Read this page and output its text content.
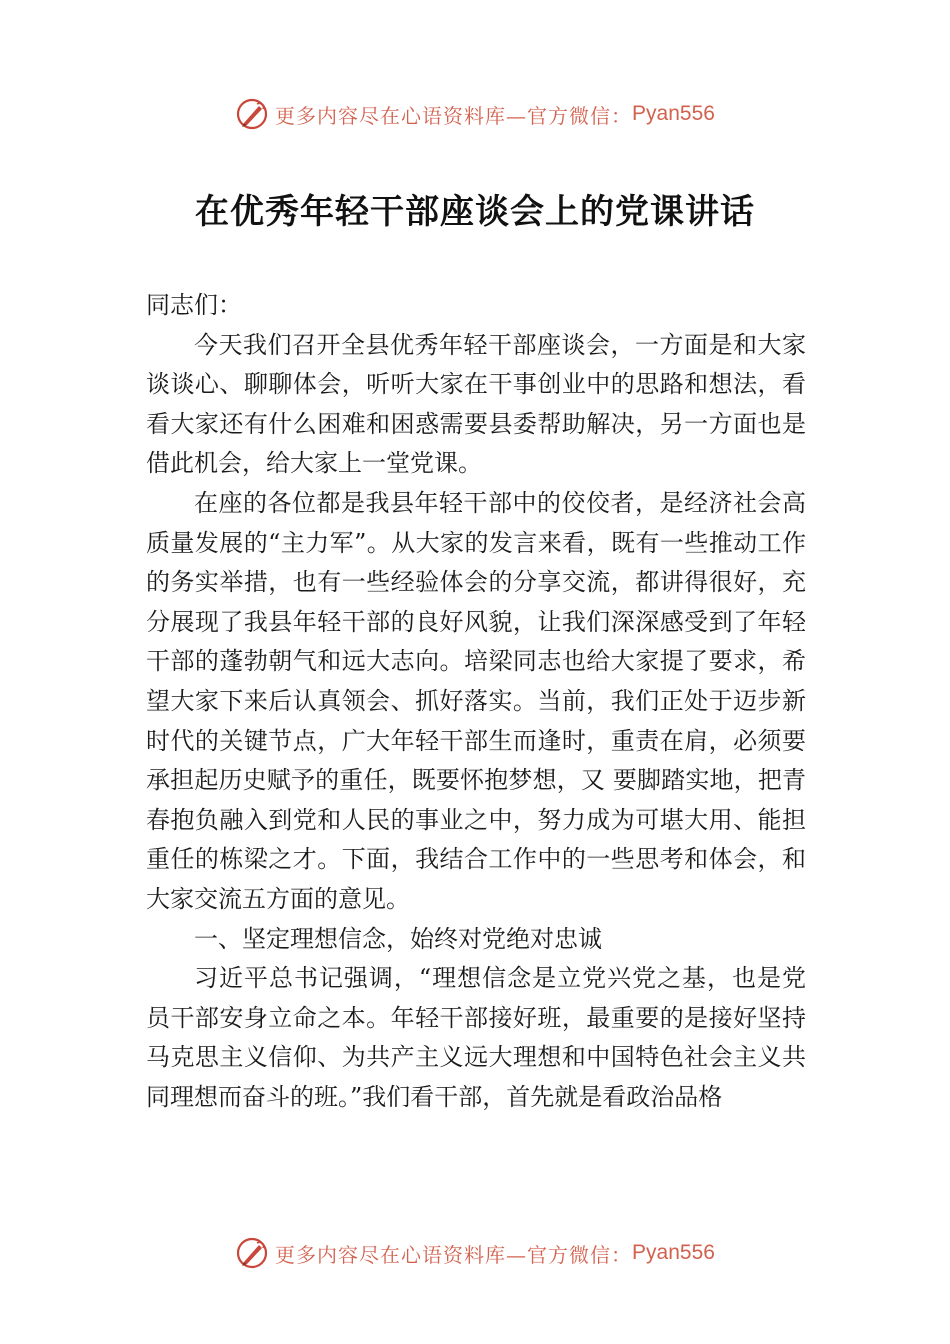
更多内容尽在心语资料库—官方微信： Pyan556
在优秀年轻干部座谈会上的党课讲话

同志们：

今天我们召开全县优秀年轻干部座谈会，一方面是和大家谈谈心、聊聊体会，听听大家在干事创业中的思路和想法，看看大家还有什么困难和困惑需要县委帮助解决，另一方面也是借此机会，给大家上一堂党课。

在座的各位都是我县年轻干部中的佼佼者，是经济社会高质量发展的“主力军”。从大家的发言来看，既有一些推动工作的务实举措，也有一些经验体会的分享交流，都讲得很好，充分展现了我县年轻干部的良好风貌，让我们深深感受到了年轻干部的蓬勃朝气和远大志向。培梁同志也给大家提了要求，希望大家下来后认真领会、抓好落实。当前，我们正处于迈步新时代的关键节点，广大年轻干部生而逢时，重责在肩，必须要承担起历史赋予的重任，既要怀抱梦想，又 要脚踏实地，把青春抱负融入到党和人民的事业之中，努力成为可堪大用、能担重任的栋梁之才。下面，我结合工作中的一些思考和体会，和大家交流五方面的意见。

一、坚定理想信念，始终对党绝对忠诚

习近平总书记强调，“理想信念是立党兴党之基，也是党员干部安身立命之本。年轻干部接好班，最重要的是接好坚持马克思主义信仰、为共产主义远大理想和中国特色社会主义共同理想而奋斗的班。”我们看干部，首先就是看政治品格

更多内容尽在心语资料库—官方微信： Pyan556
